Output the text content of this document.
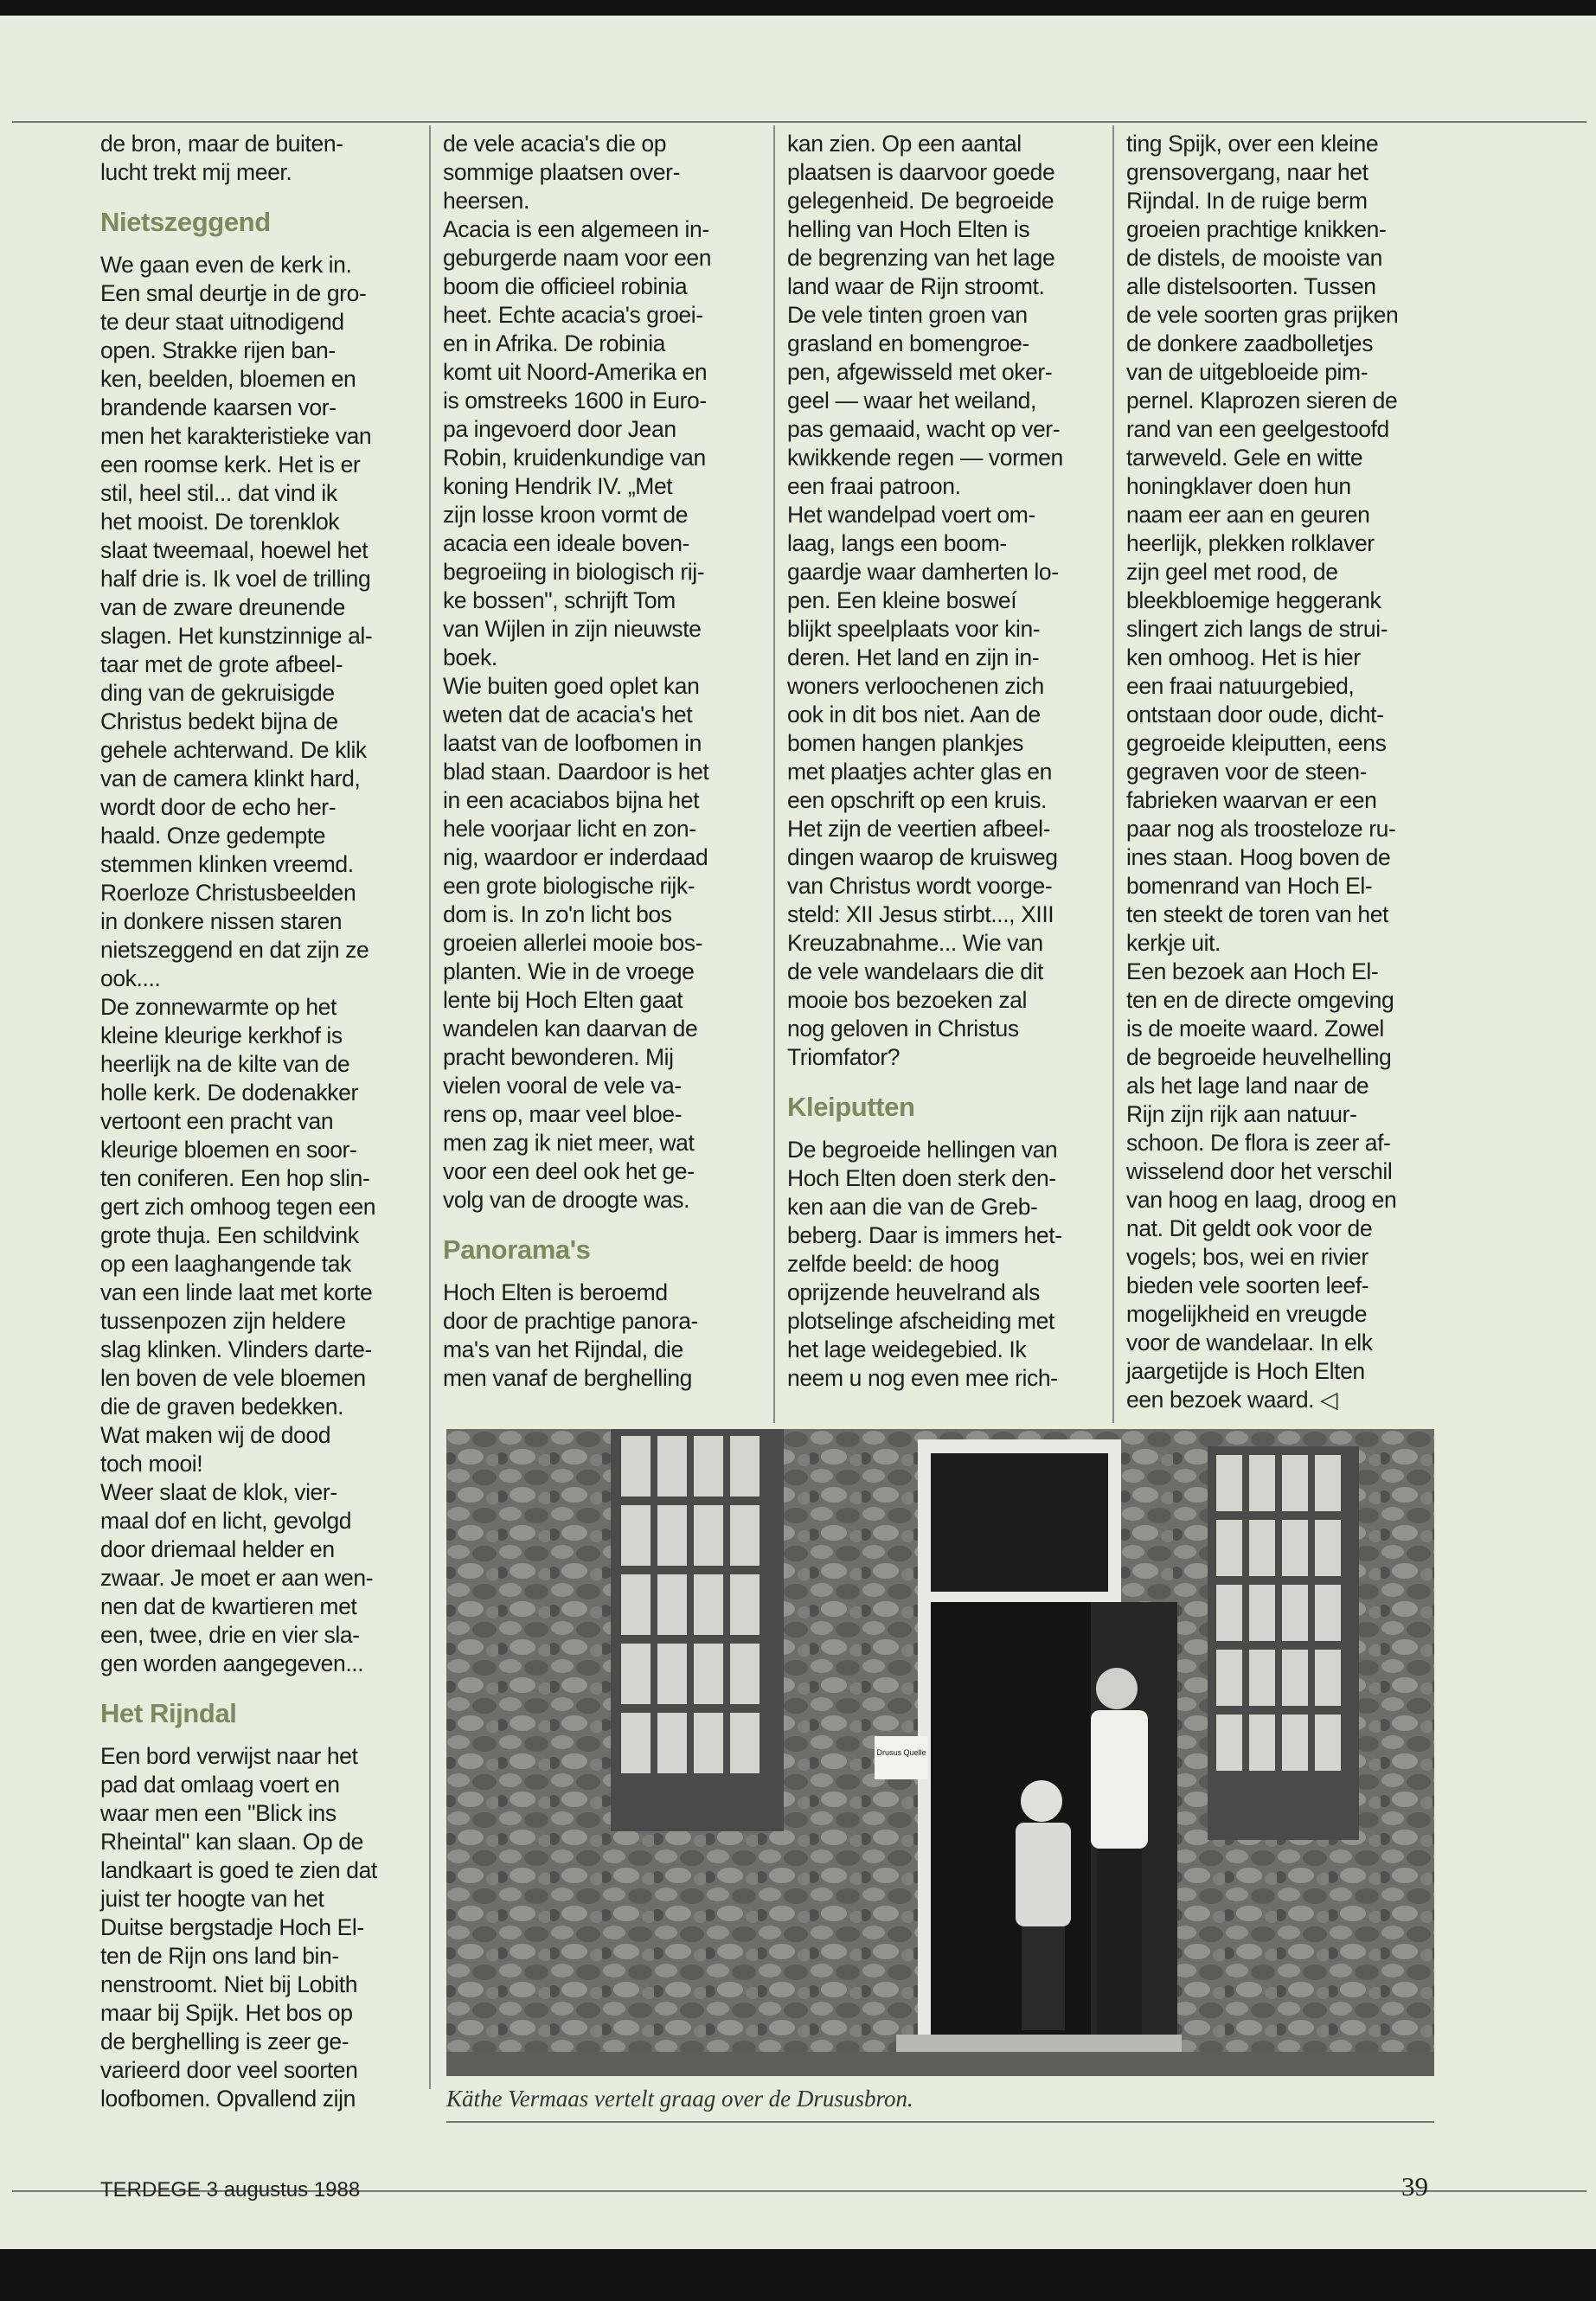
de bron, maar de buiten-
lucht trekt mij meer.

Nietszeggend

We gaan even de kerk in.
Een smal deurtje in de gro-
te deur staat uitnodigend
open. Strakke rijen ban-
ken, beelden, bloemen en
brandende kaarsen vor-
men het karakteristieke van
een roomse kerk. Het is er
stil, heel stil... dat vind ik
het mooist. De torenklok
slaat tweemaal, hoewel het
half drie is. Ik voel de trilling
van de zware dreunende
slagen. Het kunstzinnige al-
taar met de grote afbeel-
ding van de gekruisigde
Christus bedekt bijna de
gehele achterwand. De klik
van de camera klinkt hard,
wordt door de echo her-
haald. Onze gedempte
stemmen klinken vreemd.
Roerloze Christusbeelden
in donkere nissen staren
nietszeggend en dat zijn ze
ook....

De zonnewarmte op het
kleine kleurige kerkhof is
heerlijk na de kilte van de
holle kerk. De dodenakker
vertoont een pracht van
kleurige bloemen en soor-
ten coniferen. Een hop slin-
gert zich omhoog tegen een
grote thuja. Een schildvink
op een laaghangende tak
van een linde laat met korte
tussenpozen zijn heldere
slag klinken. Vlinders darte-
len boven de vele bloemen
die de graven bedekken.
Wat maken wij de dood
toch mooi!

Weer slaat de klok, vier-
maal dof en licht, gevolgd
door driemaal helder en
zwaar. Je moet er aan wen-
nen dat de kwartieren met
een, twee, drie en vier sla-
gen worden aangegeven...

Het Rijndal

Een bord verwijst naar het
pad dat omlaag voert en
waar men een "Blick ins
Rheintal" kan slaan. Op de
landkaart is goed te zien dat
juist ter hoogte van het
Duitse bergstadje Hoch El-
ten de Rijn ons land bin-
nenstroomt. Niet bij Lobith
maar bij Spijk. Het bos op
de berghelling is zeer ge-
varieerd door veel soorten
loofbomen. Opvallend zijn

de vele acacia's die op
sommige plaatsen over-
heersen.

Acacia is een algemeen in-
geburgerde naam voor een
boom die officieel robinia
heet. Echte acacia's groei-
en in Afrika. De robinia
komt uit Noord-Amerika en
is omstreeks 1600 in Euro-
pa ingevoerd door Jean
Robin, kruidenkundige van
koning Hendrik IV. „Met
zijn losse kroon vormt de
acacia een ideale boven-
begroeiing in biologisch rij-
ke bossen", schrijft Tom
van Wijlen in zijn nieuwste
boek.

Wie buiten goed oplet kan
weten dat de acacia's het
laatst van de loofbomen in
blad staan. Daardoor is het
in een acaciabos bijna het
hele voorjaar licht en zon-
nig, waardoor er inderdaad
een grote biologische rijk-
dom is. In zo'n licht bos
groeien allerlei mooie bos-
planten. Wie in de vroege
lente bij Hoch Elten gaat
wandelen kan daarvan de
pracht bewonderen. Mij
vielen vooral de vele va-
rens op, maar veel bloe-
men zag ik niet meer, wat
voor een deel ook het ge-
volg van de droogte was.

Panorama's

Hoch Elten is beroemd
door de prachtige panora-
ma's van het Rijndal, die
men vanaf de berghelling

kan zien. Op een aantal
plaatsen is daarvoor goede
gelegenheid. De begroeide
helling van Hoch Elten is
de begrenzing van het lage
land waar de Rijn stroomt.
De vele tinten groen van
grasland en bomengroe-
pen, afgewisseld met oker-
geel — waar het weiland,
pas gemaaid, wacht op ver-
kwikkende regen — vormen
een fraai patroon.

Het wandelpad voert om-
laag, langs een boom-
gaardje waar damherten lo-
pen. Een kleine bosweí
blijkt speelplaats voor kin-
deren. Het land en zijn in-
woners verloochenen zich
ook in dit bos niet. Aan de
bomen hangen plankjes
met plaatjes achter glas en
een opschrift op een kruis.
Het zijn de veertien afbeel-
dingen waarop de kruisweg
van Christus wordt voorge-
steld: XII Jesus stirbt..., XIII
Kreuzabnahme... Wie van
de vele wandelaars die dit
mooie bos bezoeken zal
nog geloven in Christus
Triomfator?

Kleiputten

De begroeide hellingen van
Hoch Elten doen sterk den-
ken aan die van de Greb-
beberg. Daar is immers het-
zelfde beeld: de hoog
oprijzende heuvelrand als
plotselinge afscheiding met
het lage weidegebied. Ik
neem u nog even mee rich-

ting Spijk, over een kleine
grensovergang, naar het
Rijndal. In de ruige berm
groeien prachtige knikken-
de distels, de mooiste van
alle distelsoorten. Tussen
de vele soorten gras prijken
de donkere zaadbolletjes
van de uitgebloeide pim-
pernel. Klaprozen sieren de
rand van een geelgestoofd
tarweveld. Gele en witte
honingklaver doen hun
naam eer aan en geuren
heerlijk, plekken rolklaver
zijn geel met rood, de
bleekbloemige heggerank
slingert zich langs de strui-
ken omhoog. Het is hier
een fraai natuurgebied,
ontstaan door oude, dicht-
gegroeide kleiputten, eens
gegraven voor de steen-
fabrieken waarvan er een
paar nog als troosteloze ru-
ines staan. Hoog boven de
bomenrand van Hoch El-
ten steekt de toren van het
kerkje uit.

Een bezoek aan Hoch El-
ten en de directe omgeving
is de moeite waard. Zowel
de begroeide heuvelhelling
als het lage land naar de
Rijn zijn rijk aan natuur-
schoon. De flora is zeer af-
wisselend door het verschil
van hoog en laag, droog en
nat. Dit geldt ook voor de
vogels; bos, wei en rivier
bieden vele soorten leef-
mogelijkheid en vreugde
voor de wandelaar. In elk
jaargetijde is Hoch Elten
een bezoek waard. ◁

Drusus Quelle
Käthe Vermaas vertelt graag over de Drususbron.
TERDEGE 3 augustus 1988	39
